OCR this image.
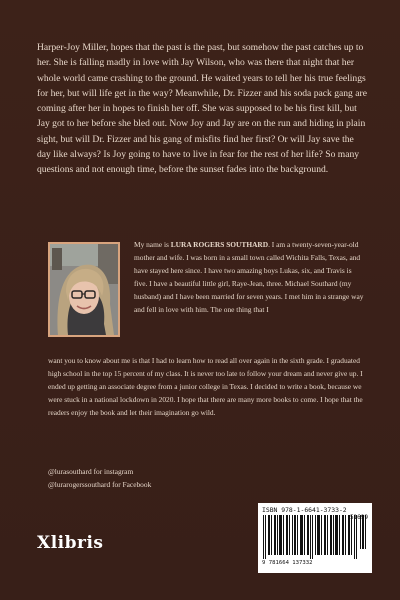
Harper-Joy Miller, hopes that the past is the past, but somehow the past catches up to her. She is falling madly in love with Jay Wilson, who was there that night that her whole world came crashing to the ground. He waited years to tell her his true feelings for her, but will life get in the way? Meanwhile, Dr. Fizzer and his soda pack gang are coming after her in hopes to finish her off. She was supposed to be his first kill, but Jay got to her before she bled out. Now Joy and Jay are on the run and hiding in plain sight, but will Dr. Fizzer and his gang of misfits find her first? Or will Jay save the day like always? Is Joy going to have to live in fear for the rest of her life? So many questions and not enough time, before the sunset fades into the background.
My name is LURA ROGERS SOUTHARD. I am a twenty-seven-year-old mother and wife. I was born in a small town called Wichita Falls, Texas, and have stayed here since. I have two amazing boys Lukas, six, and Travis is five. I have a beautiful little girl, Raye-Jean, three. Michael Southard (my husband) and I have been married for seven years. I met him in a strange way and fell in love with him. The one thing that I
want you to know about me is that I had to learn how to read all over again in the sixth grade. I graduated high school in the top 15 percent of my class. It is never too late to follow your dream and never give up. I ended up getting an associate degree from a junior college in Texas. I decided to write a book, because we were stuck in a national lockdown in 2020. I hope that there are many more books to come. I hope that the readers enjoy the book and let their imagination go wild.
@lurasouthard for instagram
@lurarogerssouthard for Facebook
Xlibris
ISBN 978-1-6641-3733-2
51699
9 781664 137332
